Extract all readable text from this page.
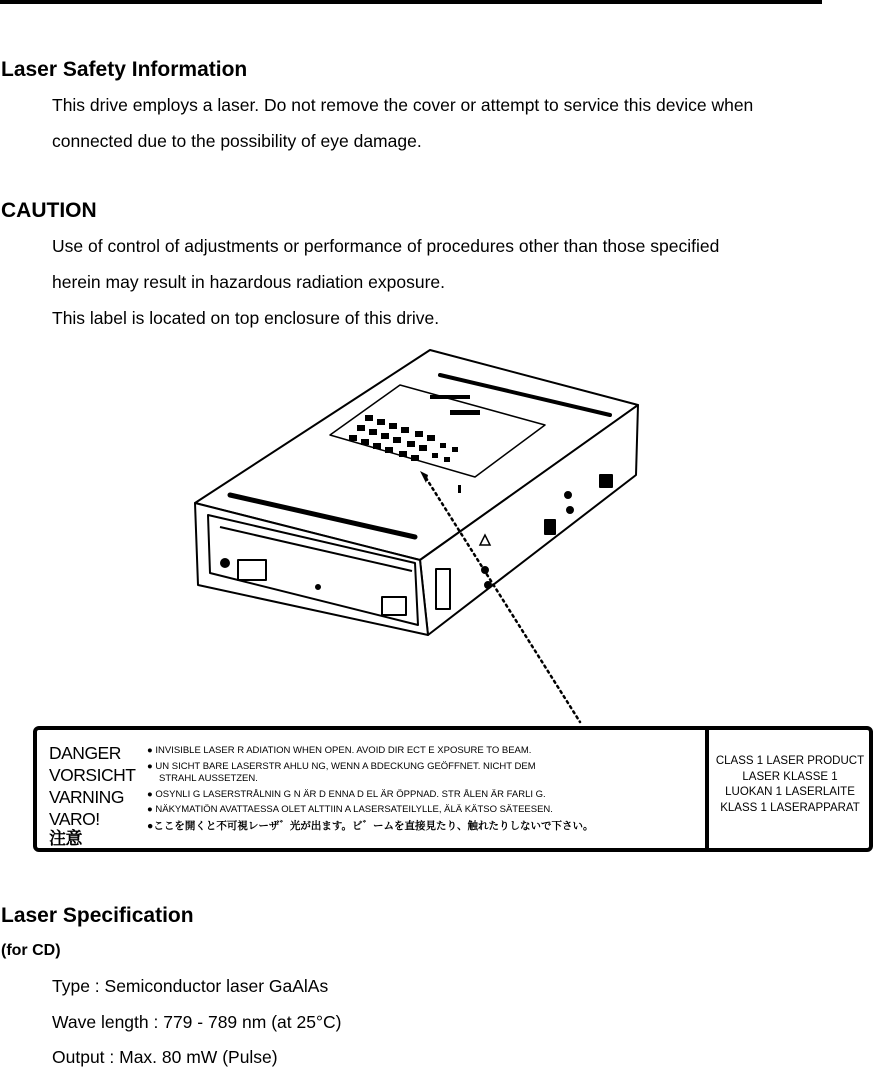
Laser Safety Information

This drive employs a laser. Do not remove the cover or attempt to service this device when

connected due to the possibility of eye damage.

CAUTION

Use of control of adjustments or performance of procedures other than those specified

herein may result in hazardous radiation exposure.

This label is located on top enclosure of this drive.

DANGER
VORSICHT
VARNING
VARO!
注意
● INVISIBLE LASER R ADIATION WHEN OPEN. AVOID DIR ECT E XPOSURE TO BEAM.
● UN SICHT BARE LASERSTR AHLU NG, WENN A BDECKUNG GEÖFFNET. NICHT DEM
STRAHL AUSSETZEN.
● OSYNLI G LASERSTRÅLNIN G N ÄR D ENNA D EL ÄR ÖPPNAD. STR ÅLEN ÄR FARLI G.
● NÄKYMATIÖN AVATTAESSA OLET ALTTIIN A LASERSATEILYLLE, ÄLÄ KÄTSO SÄTEESEN.
●ここを開くと不可視レーザ゛光が出ます。ビ゛ームを直接見たり、触れたりしないで下さい。
CLASS 1 LASER PRODUCT
LASER KLASSE 1
LUOKAN 1 LASERLAITE
KLASS 1 LASERAPPARAT
Laser Specification

(for CD)

Type : Semiconductor laser GaAlAs

Wave length : 779 - 789 nm (at 25°C)

Output : Max. 80 mW (Pulse)
